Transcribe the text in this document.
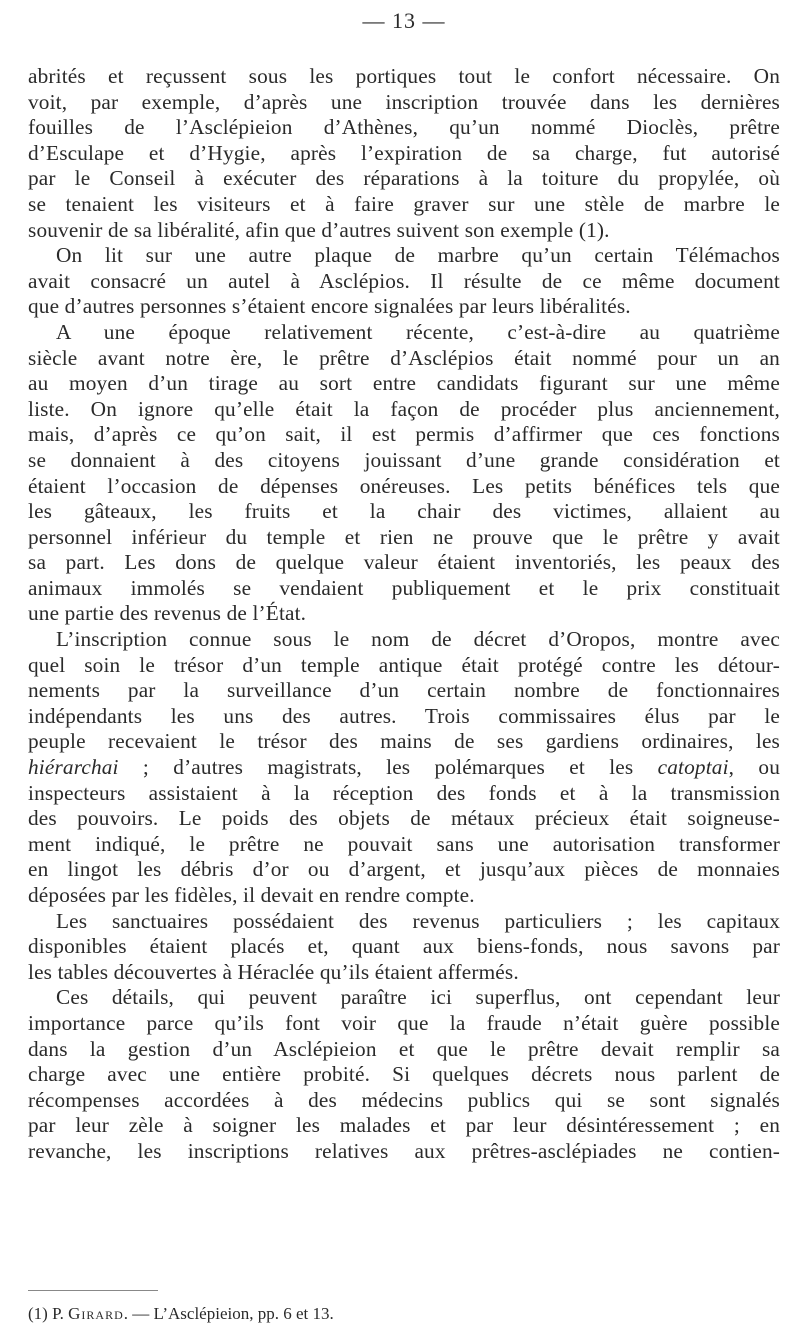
— 13 —
abrités et reçussent sous les portiques tout le confort nécessaire. On
voit, par exemple, d’après une inscription trouvée dans les dernières
fouilles de l’Asclépieion d’Athènes, qu’un nommé Dioclès, prêtre
d’Esculape et d’Hygie, après l’expiration de sa charge, fut autorisé
par le Conseil à exécuter des réparations à la toiture du propylée, où
se tenaient les visiteurs et à faire graver sur une stèle de marbre le
souvenir de sa libéralité, afin que d’autres suivent son exemple (1).
On lit sur une autre plaque de marbre qu’un certain Télémachos
avait consacré un autel à Asclépios. Il résulte de ce même document
que d’autres personnes s’étaient encore signalées par leurs libéralités.
A une époque relativement récente, c’est-à-dire au quatrième
siècle avant notre ère, le prêtre d’Asclépios était nommé pour un an
au moyen d’un tirage au sort entre candidats figurant sur une même
liste. On ignore qu’elle était la façon de procéder plus anciennement,
mais, d’après ce qu’on sait, il est permis d’affirmer que ces fonctions
se donnaient à des citoyens jouissant d’une grande considération et
étaient l’occasion de dépenses onéreuses. Les petits bénéfices tels que
les gâteaux, les fruits et la chair des victimes, allaient au
personnel inférieur du temple et rien ne prouve que le prêtre y avait
sa part. Les dons de quelque valeur étaient inventoriés, les peaux des
animaux immolés se vendaient publiquement et le prix constituait
une partie des revenus de l’État.
L’inscription connue sous le nom de décret d’Oropos, montre avec
quel soin le trésor d’un temple antique était protégé contre les détour-
nements par la surveillance d’un certain nombre de fonctionnaires
indépendants les uns des autres. Trois commissaires élus par le
peuple recevaient le trésor des mains de ses gardiens ordinaires, les
hiérarchai ; d’autres magistrats, les polémarques et les catoptai, ou
inspecteurs assistaient à la réception des fonds et à la transmission
des pouvoirs. Le poids des objets de métaux précieux était soigneuse-
ment indiqué, le prêtre ne pouvait sans une autorisation transformer
en lingot les débris d’or ou d’argent, et jusqu’aux pièces de monnaies
déposées par les fidèles, il devait en rendre compte.
Les sanctuaires possédaient des revenus particuliers ; les capitaux
disponibles étaient placés et, quant aux biens-fonds, nous savons par
les tables découvertes à Héraclée qu’ils étaient affermés.
Ces détails, qui peuvent paraître ici superflus, ont cependant leur
importance parce qu’ils font voir que la fraude n’était guère possible
dans la gestion d’un Asclépieion et que le prêtre devait remplir sa
charge avec une entière probité. Si quelques décrets nous parlent de
récompenses accordées à des médecins publics qui se sont signalés
par leur zèle à soigner les malades et par leur désintéressement ; en
revanche, les inscriptions relatives aux prêtres-asclépiades ne contien-
(1) P. Girard. — L’Asclépieion, pp. 6 et 13.
